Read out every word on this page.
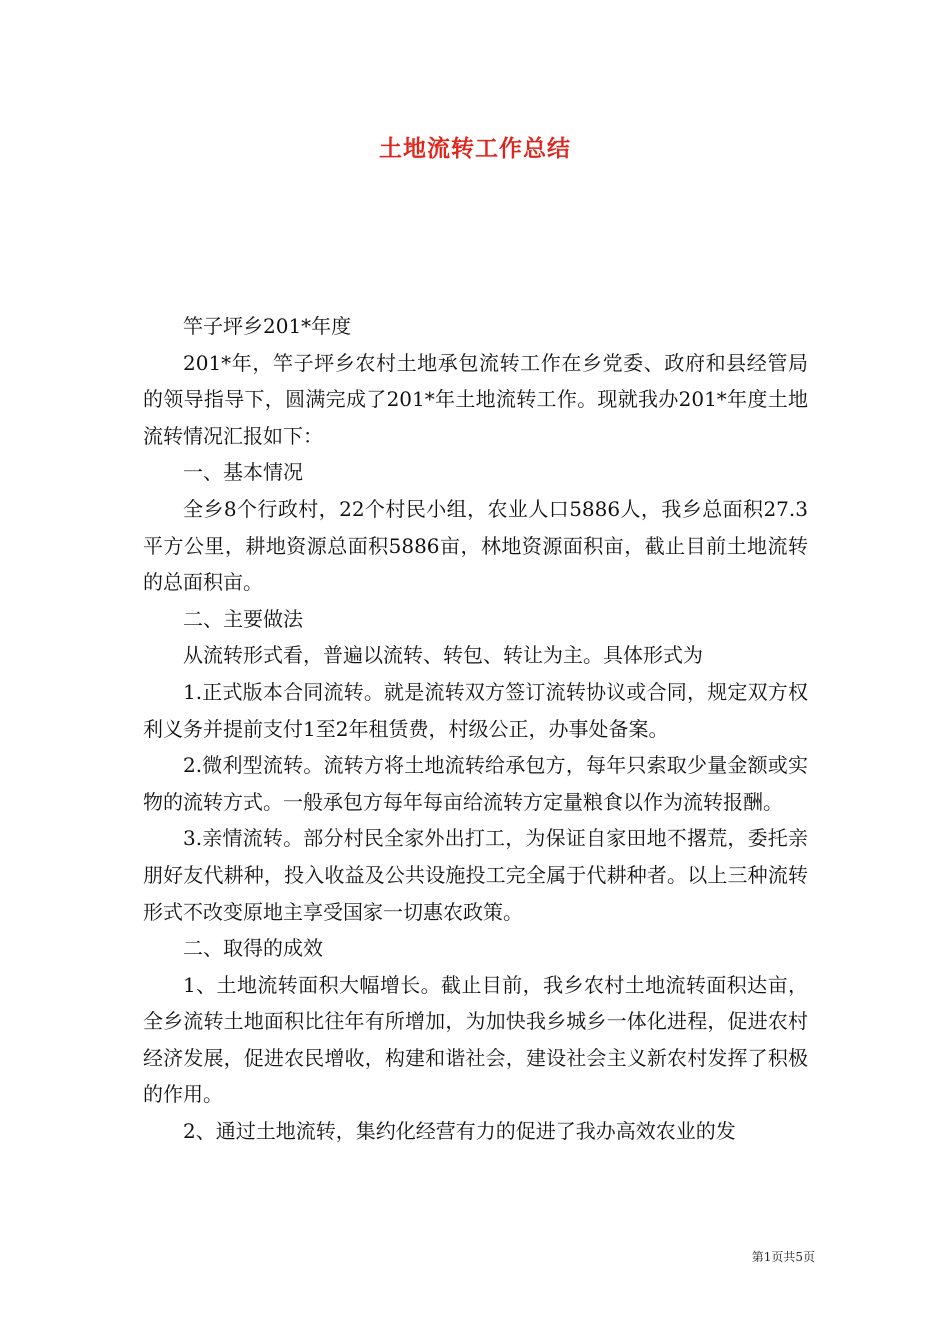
土地流转工作总结

竿子坪乡201*年度

201*年，竿子坪乡农村土地承包流转工作在乡党委、政府和县经管局的领导指导下，圆满完成了201*年土地流转工作。现就我办201*年度土地流转情况汇报如下：

一、基本情况

全乡8个行政村，22个村民小组，农业人口5886人，我乡总面积27.3平方公里，耕地资源总面积5886亩，林地资源面积亩，截止目前土地流转的总面积亩。

二、主要做法

从流转形式看，普遍以流转、转包、转让为主。具体形式为

1.正式版本合同流转。就是流转双方签订流转协议或合同，规定双方权利义务并提前支付1至2年租赁费，村级公正，办事处备案。

2.微利型流转。流转方将土地流转给承包方，每年只索取少量金额或实物的流转方式。一般承包方每年每亩给流转方定量粮食以作为流转报酬。

3.亲情流转。部分村民全家外出打工，为保证自家田地不撂荒，委托亲朋好友代耕种，投入收益及公共设施投工完全属于代耕种者。以上三种流转形式不改变原地主享受国家一切惠农政策。

二、取得的成效

1、土地流转面积大幅增长。截止目前，我乡农村土地流转面积达亩，全乡流转土地面积比往年有所增加，为加快我乡城乡一体化进程，促进农村经济发展，促进农民增收，构建和谐社会，建设社会主义新农村发挥了积极的作用。

2、通过土地流转，集约化经营有力的促进了我办高效农业的发

第1页共5页
